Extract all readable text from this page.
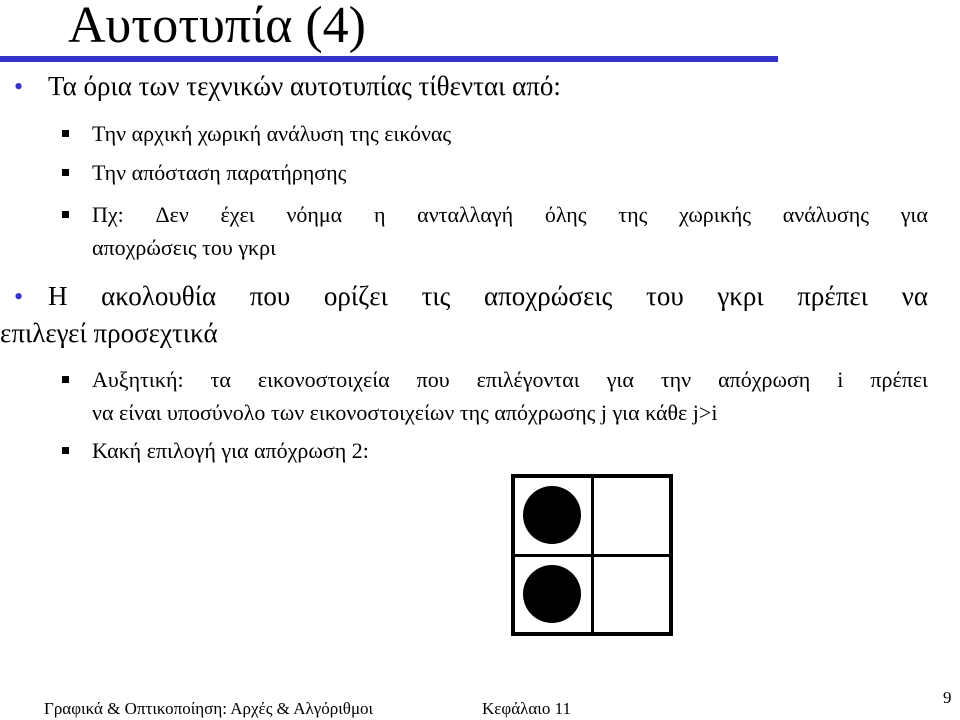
Αυτοτυπία (4)
• Τα όρια των τεχνικών αυτοτυπίας τίθενται από:
Την αρχική χωρική ανάλυση της εικόνας
Την απόσταση παρατήρησης
Πχ: Δεν έχει νόημα η ανταλλαγή όλης της χωρικής ανάλυσης για
αποχρώσεις του γκρι
• Η ακολουθία που ορίζει τις αποχρώσεις του γκρι πρέπει να
επιλεγεί προσεχτικά
Αυξητική: τα εικονοστοιχεία που επιλέγονται για την απόχρωση i πρέπει
να είναι υποσύνολο των εικονοστοιχείων της απόχρωσης j για κάθε j>i
Κακή επιλογή για απόχρωση 2:
Γραφικά & Οπτικοποίηση: Αρχές & Αλγόριθμοι	Κεφάλαιο 11
9
